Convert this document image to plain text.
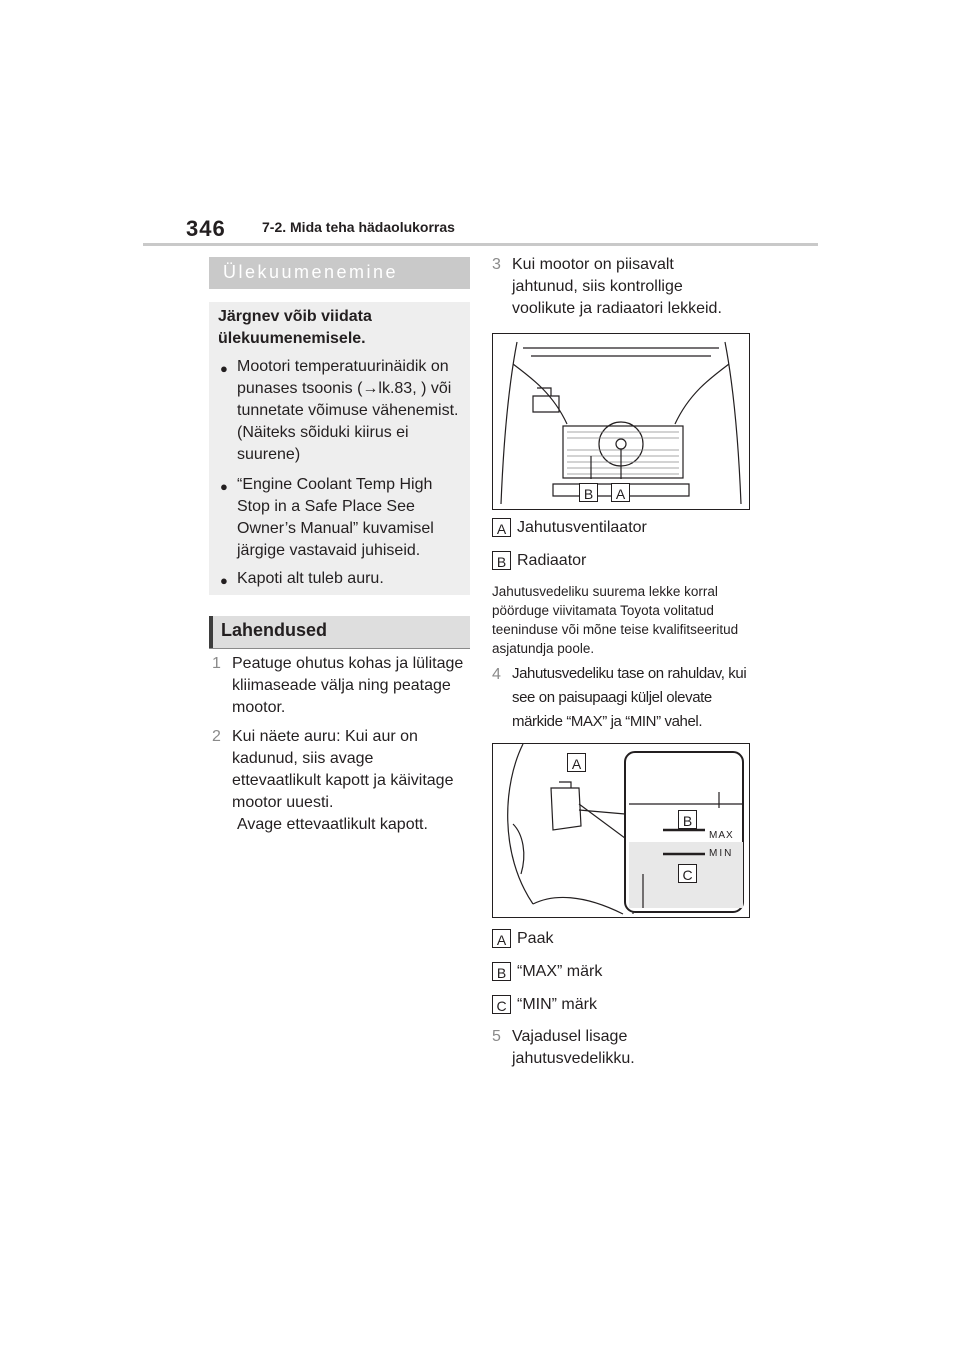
346	7-2. Mida teha hädaolukorras
Ülekuumenemine

Järgnev võib viidata ülekuumenemisele.

● Mootori temperatuurinäidik on punases tsoonis (→lk.83, ) või tunnetate võimuse vähenemist. (Näiteks sõiduki kiirus ei suurene)

● “Engine Coolant Temp High Stop in a Safe Place See Owner’s Manual” kuvamisel järgige vastavaid juhiseid.

● Kapoti alt tuleb auru.

Lahendused
1 Peatuge ohutus kohas ja lülitage kliimaseade välja ning peatage mootor.
2 Kui näete auru: Kui aur on kadunud, siis avage ettevaatlikult kapott ja käivitage mootor uuesti.
Avage ettevaatlikult kapott.
3 Kui mootor on piisavalt jahtunud, siis kontrollige voolikute ja radiaatori lekkeid.
B	A
A Jahutusventilaator
B Radiaator
Jahutusvedeliku suurema lekke korral pöörduge viivitamata Toyota volitatud teeninduse või mõne teise kvalifitseeritud asjatundja poole.
4 Jahutusvedeliku tase on rahuldav, kui see on paisupaagi küljel olevate märkide “MAX” ja “MIN” vahel.
A
B
C
MAX
MIN
A Paak
B “MAX” märk
C “MIN” märk
5 Vajadusel lisage jahutusvedelikku.
